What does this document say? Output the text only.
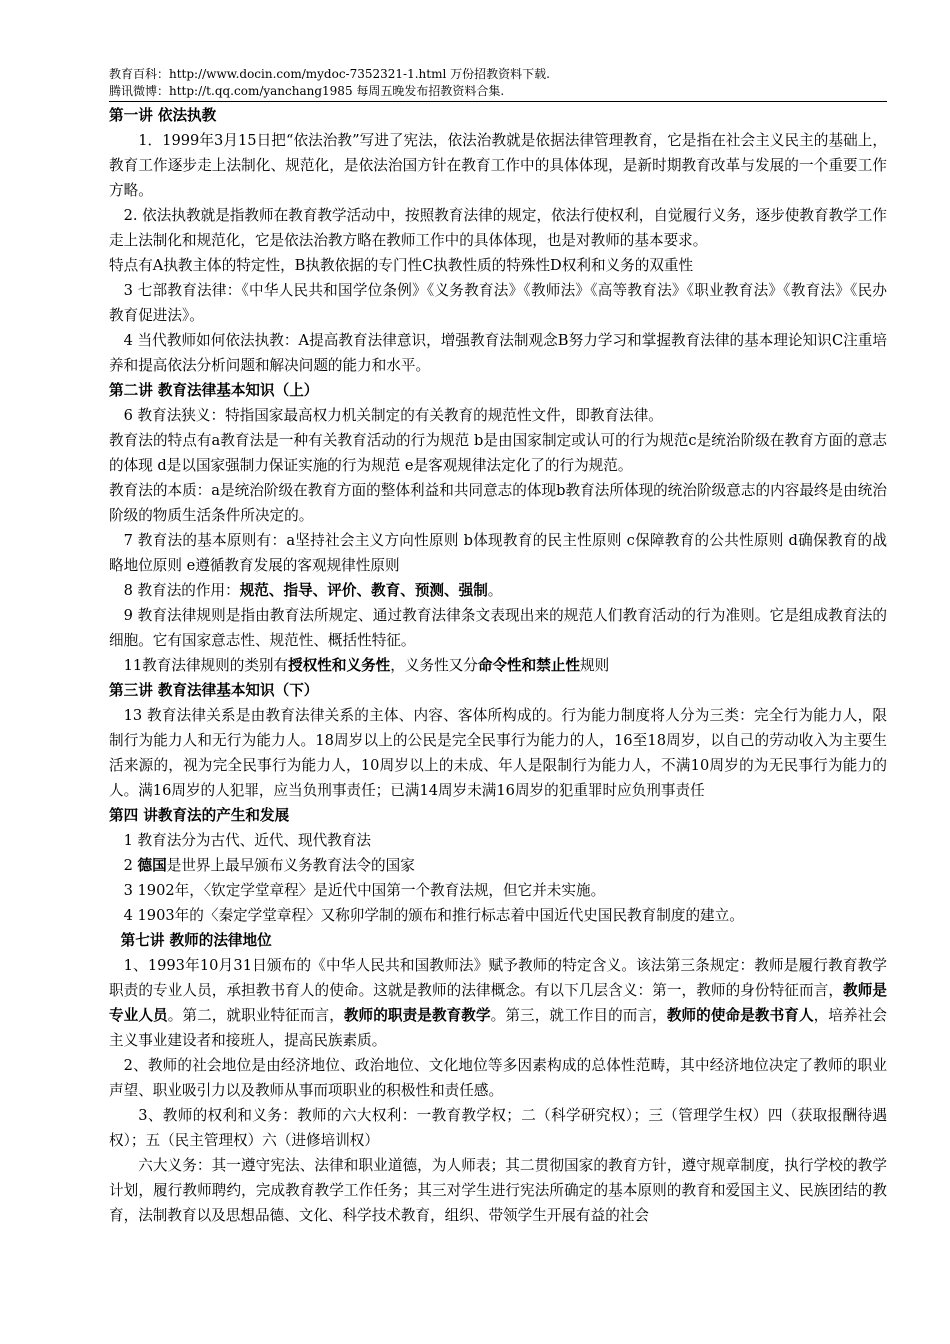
教育百科：http://www.docin.com/mydoc-7352321-1.html 万份招教资料下载.
腾讯微博：http://t.qq.com/yanchang1985 每周五晚发布招教资料合集.
第一讲 依法执教

1．1999年3月15日把“依法治教”写进了宪法，依法治教就是依据法律管理教育，它是指在社会主义民主的基础上，教育工作逐步走上法制化、规范化，是依法治国方针在教育工作中的具体体现，是新时期教育改革与发展的一个重要工作方略。

2. 依法执教就是指教师在教育教学活动中，按照教育法律的规定，依法行使权利，自觉履行义务，逐步使教育教学工作走上法制化和规范化，它是依法治教方略在教师工作中的具体体现，也是对教师的基本要求。

特点有A执教主体的特定性，B执教依据的专门性C执教性质的特殊性D权利和义务的双重性

3 七部教育法律：《中华人民共和国学位条例》《义务教育法》《教师法》《高等教育法》《职业教育法》《教育法》《民办教育促进法》。

4 当代教师如何依法执教：A提高教育法律意识，增强教育法制观念B努力学习和掌握教育法律的基本理论知识C注重培养和提高依法分析问题和解决问题的能力和水平。

第二讲 教育法律基本知识（上）

6 教育法狭义：特指国家最高权力机关制定的有关教育的规范性文件，即教育法律。

教育法的特点有a教育法是一种有关教育活动的行为规范 b是由国家制定或认可的行为规范c是统治阶级在教育方面的意志的体现 d是以国家强制力保证实施的行为规范 e是客观规律法定化了的行为规范。

教育法的本质：a是统治阶级在教育方面的整体利益和共同意志的体现b教育法所体现的统治阶级意志的内容最终是由统治阶级的物质生活条件所决定的。

7 教育法的基本原则有：a坚持社会主义方向性原则 b体现教育的民主性原则 c保障教育的公共性原则 d确保教育的战略地位原则 e遵循教育发展的客观规律性原则

8 教育法的作用：规范、指导、评价、教育、预测、强制。

9 教育法律规则是指由教育法所规定、通过教育法律条文表现出来的规范人们教育活动的行为准则。它是组成教育法的细胞。它有国家意志性、规范性、概括性特征。

11教育法律规则的类别有授权性和义务性，义务性又分命令性和禁止性规则

第三讲 教育法律基本知识（下）

13 教育法律关系是由教育法律关系的主体、内容、客体所构成的。行为能力制度将人分为三类：完全行为能力人，限制行为能力人和无行为能力人。18周岁以上的公民是完全民事行为能力的人，16至18周岁，以自己的劳动收入为主要生活来源的，视为完全民事行为能力人，10周岁以上的未成、年人是限制行为能力人，不满10周岁的为无民事行为能力的人。满16周岁的人犯罪，应当负刑事责任；已满14周岁未满16周岁的犯重罪时应负刑事责任

第四 讲教育法的产生和发展

1 教育法分为古代、近代、现代教育法

2 德国是世界上最早颁布义务教育法令的国家

3 1902年，〈钦定学堂章程〉是近代中国第一个教育法规，但它并未实施。

4 1903年的〈秦定学堂章程〉又称卯学制的颁布和推行标志着中国近代史国民教育制度的建立。

第七讲 教师的法律地位

1、1993年10月31日颁布的《中华人民共和国教师法》赋予教师的特定含义。该法第三条规定：教师是履行教育教学职责的专业人员，承担教书育人的使命。这就是教师的法律概念。有以下几层含义：第一，教师的身份特征而言，教师是专业人员。第二，就职业特征而言，教师的职责是教育教学。第三，就工作目的而言，教师的使命是教书育人，培养社会主义事业建设者和接班人，提高民族素质。

2、教师的社会地位是由经济地位、政治地位、文化地位等多因素构成的总体性范畴，其中经济地位决定了教师的职业声望、职业吸引力以及教师从事而项职业的积极性和责任感。

3、教师的权利和义务：教师的六大权利：一教育教学权；二（科学研究权）；三（管理学生权）四（获取报酬待遇权）；五（民主管理权）六（进修培训权）

六大义务：其一遵守宪法、法律和职业道德，为人师表；其二贯彻国家的教育方针，遵守规章制度，执行学校的教学计划，履行教师聘约，完成教育教学工作任务；其三对学生进行宪法所确定的基本原则的教育和爱国主义、民族团结的教育，法制教育以及思想品德、文化、科学技术教育，组织、带领学生开展有益的社会
